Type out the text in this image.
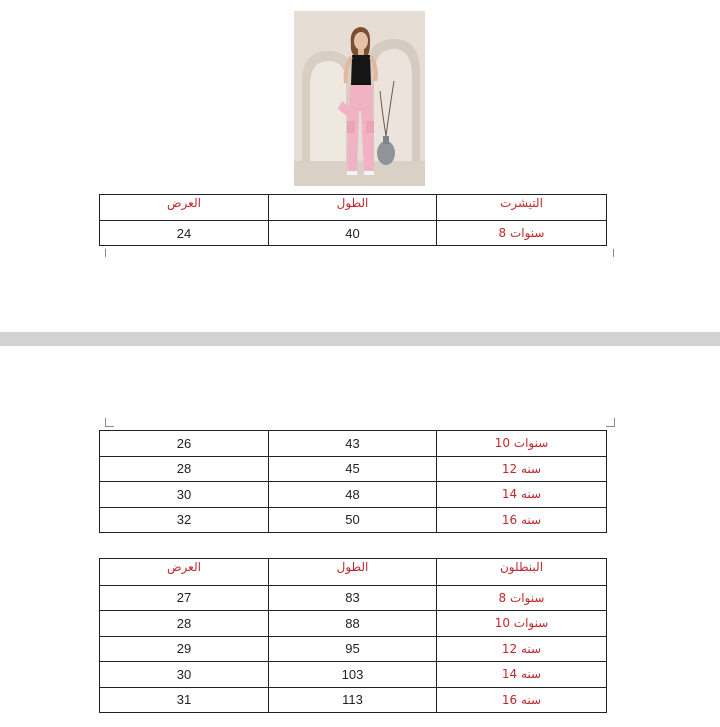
العرض	الطول	التيشرت
24	40	8 سنوات
26	43	10 سنوات
28	45	12 سنه
30	48	14 سنه
32	50	16 سنه
العرض	الطول	البنطلون
27	83	8 سنوات
28	88	10 سنوات
29	95	12 سنه
30	103	14 سنه
31	113	16 سنه
